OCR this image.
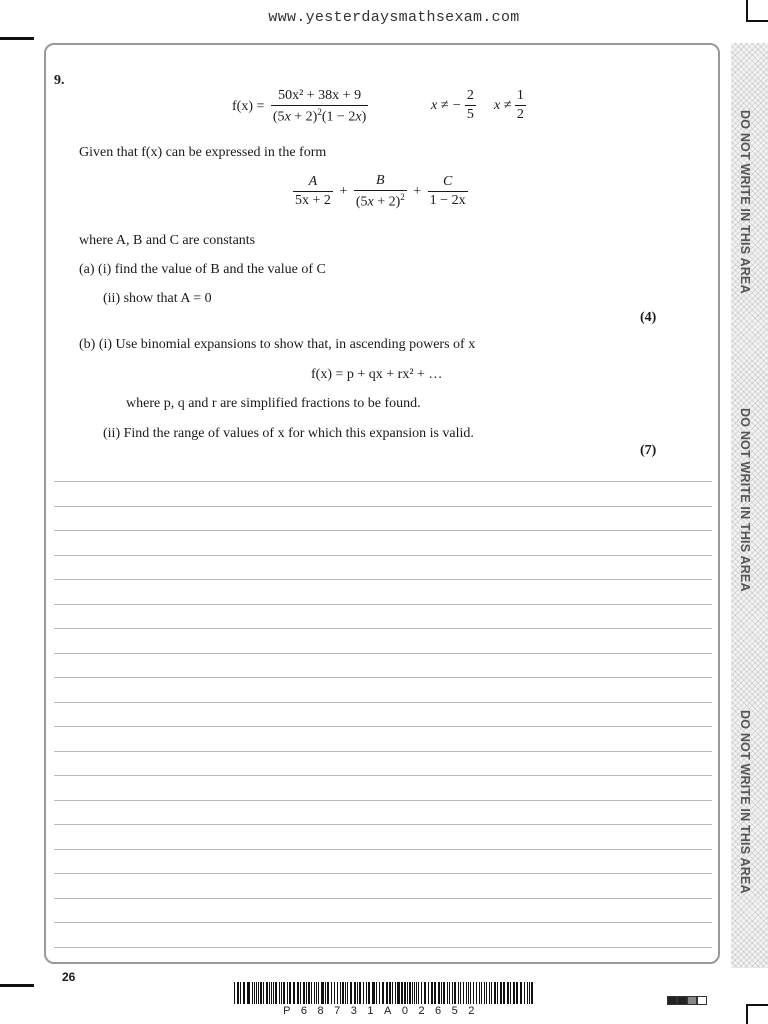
www.yesterdaysmathsexam.com
DO NOT WRITE IN THIS AREA
DO NOT WRITE IN THIS AREA
DO NOT WRITE IN THIS AREA
9.
$f(x) = \frac{\text{50x² + 38x + 9}}{(5x + 2)^2(1 - 2x)}$	x ≠ − $\frac{2}{5}$ $x \ne \frac{1}{2}$
Given that f(x) can be expressed in the form
$\frac{A}{5x + 2} + \frac{B}{(5x + 2)^2} + \frac{C}{1 - 2x}$
where A, B and C are constants
(a) (i) find the value of B and the value of C
(ii) show that A = 0
(4)
(b) (i) Use binomial expansions to show that, in ascending powers of x
f(x) = p + qx + rx² + …
where p, q and r are simplified fractions to be found.
(ii) Find the range of values of x for which this expansion is valid.
(7)
26
P68731A02652
